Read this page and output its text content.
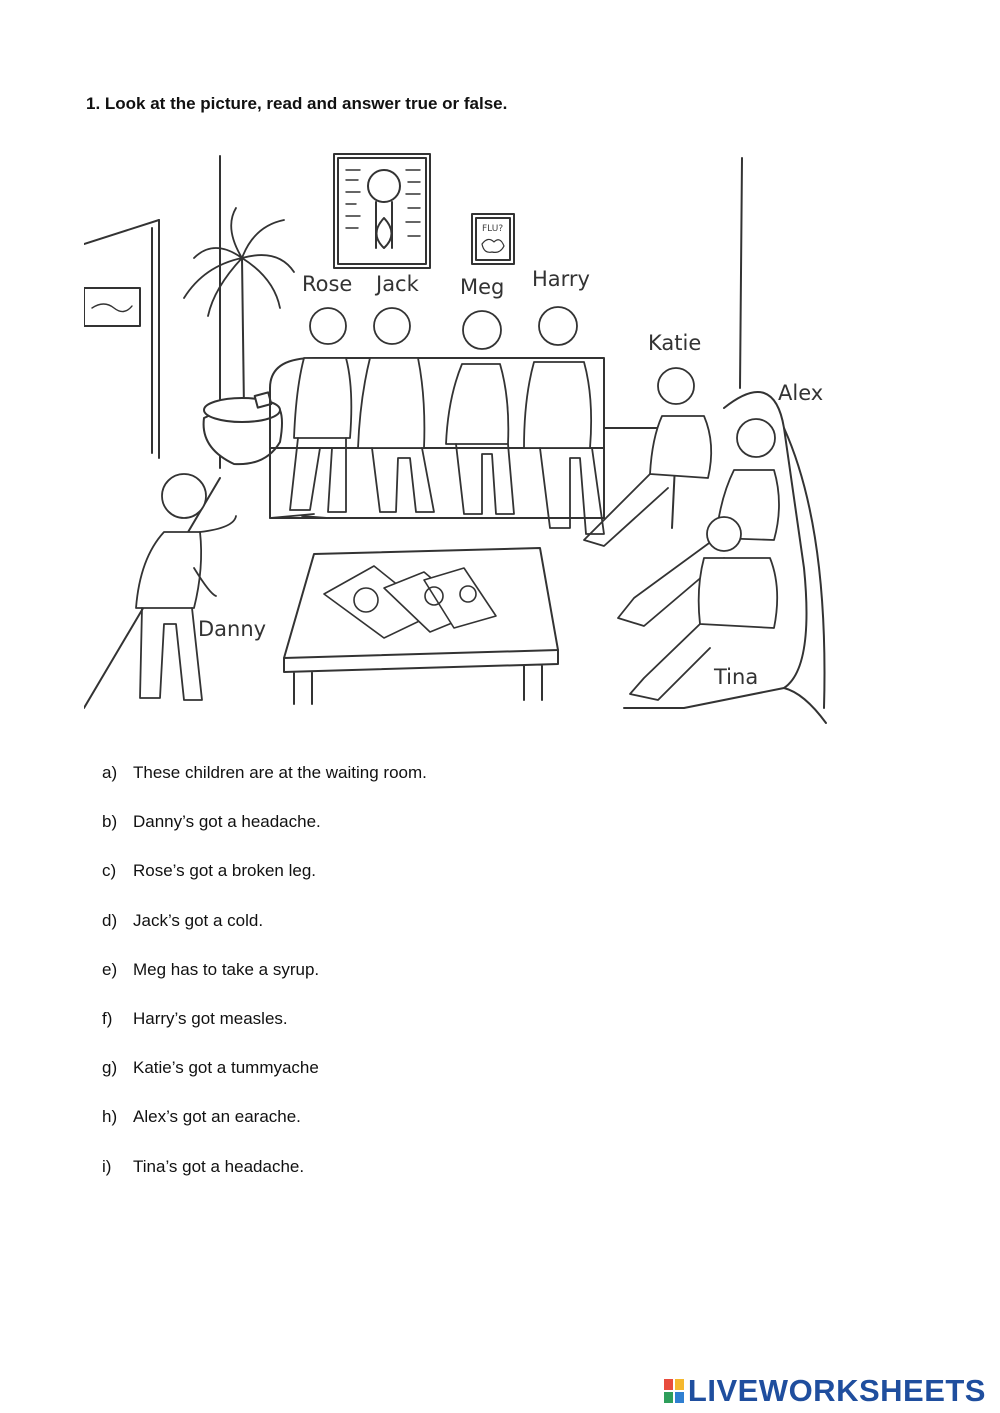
1. Look at the picture, read and answer true or false.
FLU?
Rose Jack Meg Harry
Katie
Alex
Danny
Tina
a) These children are at the waiting room.
b) Danny’s got a headache.
c) Rose’s got a broken leg.
d) Jack’s got a cold.
e) Meg has to take a syrup.
f)	Harry’s got measles.
g) Katie’s got a tummyache
h) Alex’s got an earache.
i)	Tina’s got a headache.
LIVEWORKSHEETS
